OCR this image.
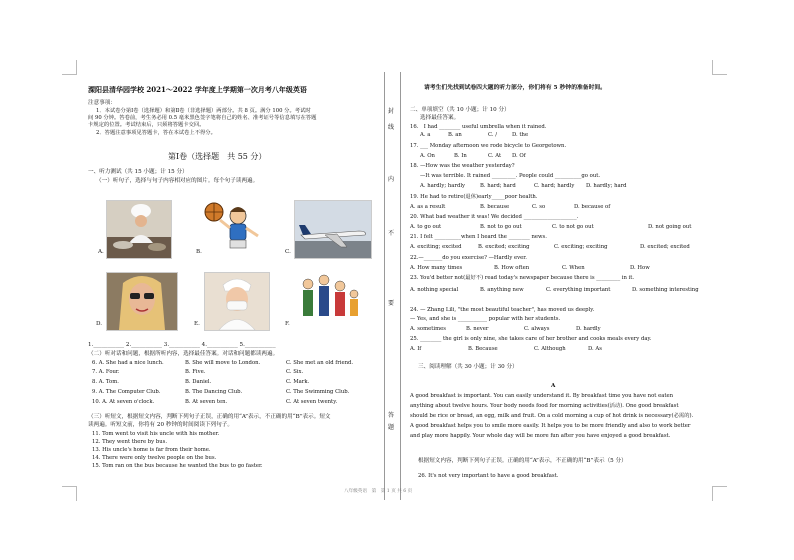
溧阳县清华园学校 2021～2022 学年度上学期第一次月考八年级英语
注意事项：
1．本试卷分第Ⅰ卷（选择题）和第Ⅱ卷（非选择题）两部分。共 8 页。满分 100 分。考试时
间 90 分钟。答卷前，考生务必用 0.5 毫米黑色签字笔将自己的姓名、准考证号等信息填写在答题
卡规定的位置。考试结束后，只须将答题卡交回。
2．答题注意事项见答题卡，答在本试卷上不得分。
第Ⅰ卷（选择题　共 55 分）
一、听力测试（共 15 小题；计 15 分）
（一）听句子，选择与句子内容相对应的图片。每个句子读两遍。
A.	B.	C.
D.	E.	F.
1.___________ 2.___________ 3.___________ 4.___________ 5.___________
（二）听对话和问题，根据所听内容，选择最佳答案。对话和问题都读两遍。
6. A. She had a nice lunch.	B. She will move to London.	C. She met an old friend.
7. A. Four.	B. Five.	C. Six.
8. A. Tom.	B. Daniel.	C. Mark.
9. A. The Computer Club.	B. The Dancing Club.	C. The Swimming Club.
10. A. At seven o'clock.	B. At seven ten.	C. At seven twenty.
（三）听短文，根据短文内容，判断下列句子正误，正确的用“A”表示，不正确的用“B”表示。短文
读两遍。听短文前，你将有 20 秒钟的时间阅读下列句子。
11. Tom went to visit his uncle with his mother.
12. They went there by bus.
13. His uncle's home is far from their home.
14. There were only twelve people on the bus.
15. Tom ran on the bus because he wanted the bus to go faster.
封
线
内
不
要
答
题
请考生们先找到试卷四大题的听力部分，你们将有 5 秒钟的准备时间。
二、单项填空（共 10 小题；计 10 分）
选择最佳答案。
16.　I had ________ useful umbrella when it rained.
A. a	B. an	C. /	D. the
17. ___ Monday afternoon we rode bicycle to Georgetown.
A. On	B. In	C. At D. Of
18. —How was the weather yesterday?
—It was terrible. It rained _________. People could __________go out.
A. hardly; hardly	B. hard; hard	C. hard; hardly D. hardly; hard
19. He had to retire(退休)early_____poor health.
A. as a result	B. because	C. so	D. because of
20. What bad weather it was! We decided ____________________.
A. to go out	B. not to go out	C. to not go out	D. not going out
21. I felt __________when I heard the ________ news.
A. exciting; excited	B. excited; exciting	C. exciting; exciting	D. excited; excited
22.—_______do you exercise? —Hardly ever.
A. How many times	B. How often	C. When	D. How
23. You'd better not(最好不) read today's newspaper because there is _________ in it.
A. nothing special	B. anything new	C. everything important	D. something interesting
24. — Zhang Lili, "the most beautiful teacher", has moved us deeply.
— Yes, and she is ___________ popular with her students.
A. sometimes	B. never	C. always	D. hardly
25. ________ the girl is only nine, she takes care of her brother and cooks meals every day.
A. If	B. Because	C. Although	D. As
三、阅读理解（共 30 小题；计 30 分）
A
A good breakfast is important. You can easily understand it. By breakfast time you have not eaten
anything about twelve hours. Your body needs food for morning activities(活动). One good breakfast
should be rice or bread, an egg, milk and fruit. On a cold morning a cup of hot drink is necessary(必需的).
A good breakfast helps you to smile more easily. It helps you to be more friendly and also to work better
and play more happily. Your whole day will be more fun after you have enjoyed a good breakfast.
根据短文内容，判断下列句子正误。正确的用“A”表示，不正确的用“B”表示（5 分）
26. It's not very important to have a good breakfast.
八年级英语　第　第 1 页 共 6 页
